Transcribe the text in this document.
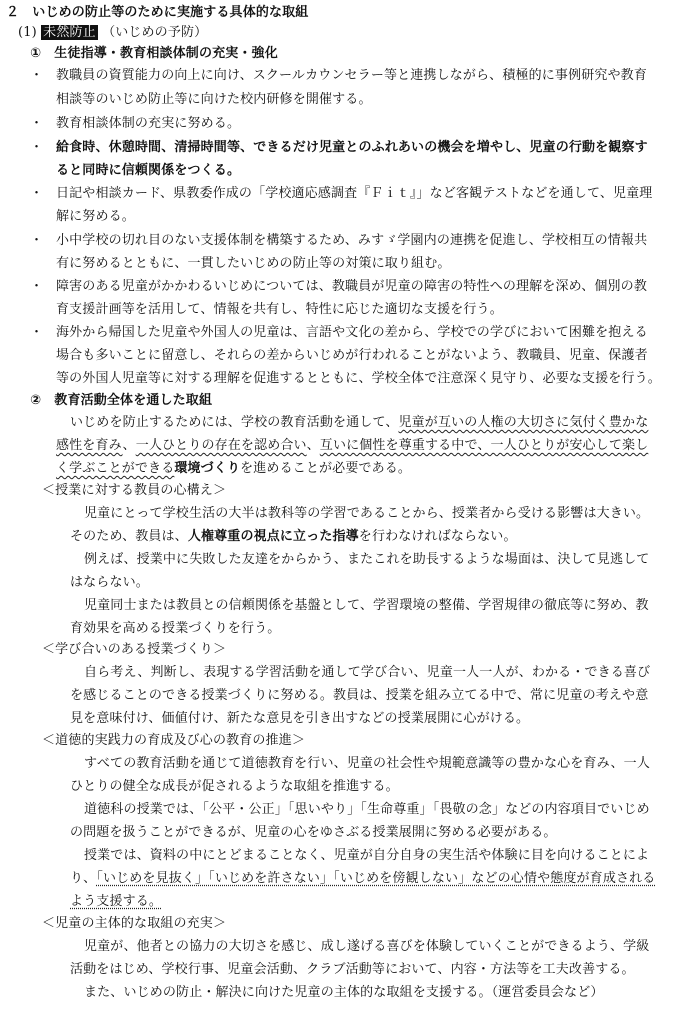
２　いじめの防止等のために実施する具体的な取組
(1) 未然防止 （いじめの予防）
①　生徒指導・教育相談体制の充実・強化
・ 教職員の資質能力の向上に向け、スクールカウンセラー等と連携しながら、積極的に事例研究や教育
相談等のいじめ防止等に向けた校内研修を開催する。
・ 教育相談体制の充実に努める。
・ 給食時、休憩時間、清掃時間等、できるだけ児童とのふれあいの機会を増やし、児童の行動を観察す
ると同時に信頼関係をつくる。
・ 日記や相談カード、県教委作成の「学校適応感調査『Ｆｉｔ』」など客観テストなどを通して、児童理
解に努める。
・ 小中学校の切れ目のない支援体制を構築するため、みすゞ学園内の連携を促進し、学校相互の情報共
有に努めるとともに、一貫したいじめの防止等の対策に取り組む。
・ 障害のある児童がかかわるいじめについては、教職員が児童の障害の特性への理解を深め、個別の教
育支援計画等を活用して、情報を共有し、特性に応じた適切な支援を行う。
・ 海外から帰国した児童や外国人の児童は、言語や文化の差から、学校での学びにおいて困難を抱える
場合も多いことに留意し、それらの差からいじめが行われることがないよう、教職員、児童、保護者
等の外国人児童等に対する理解を促進するとともに、学校全体で注意深く見守り、必要な支援を行う。
②　教育活動全体を通した取組
いじめを防止するためには、学校の教育活動を通して、児童が互いの人権の大切さに気付く豊かな
感性を育み、一人ひとりの存在を認め合い、互いに個性を尊重する中で、一人ひとりが安心して楽し
く学ぶことができる環境づくりを進めることが必要である。
＜授業に対する教員の心構え＞
児童にとって学校生活の大半は教科等の学習であることから、授業者から受ける影響は大きい。
そのため、教員は、人権尊重の視点に立った指導を行わなければならない。
例えば、授業中に失敗した友達をからかう、またこれを助長するような場面は、決して見逃して
はならない。
児童同士または教員との信頼関係を基盤として、学習環境の整備、学習規律の徹底等に努め、教
育効果を高める授業づくりを行う。
＜学び合いのある授業づくり＞
自ら考え、判断し、表現する学習活動を通して学び合い、児童一人一人が、わかる・できる喜び
を感じることのできる授業づくりに努める。教員は、授業を組み立てる中で、常に児童の考えや意
見を意味付け、価値付け、新たな意見を引き出すなどの授業展開に心がける。
＜道徳的実践力の育成及び心の教育の推進＞
すべての教育活動を通じて道徳教育を行い、児童の社会性や規範意識等の豊かな心を育み、一人
ひとりの健全な成長が促されるような取組を推進する。
道徳科の授業では、「公平・公正」「思いやり」「生命尊重」「畏敬の念」などの内容項目でいじめ
の問題を扱うことができるが、児童の心をゆさぶる授業展開に努める必要がある。
授業では、資料の中にとどまることなく、児童が自分自身の実生活や体験に目を向けることによ
り、「いじめを見抜く」「いじめを許さない」「いじめを傍観しない」などの心情や態度が育成される
よう支援する。
＜児童の主体的な取組の充実＞
児童が、他者との協力の大切さを感じ、成し遂げる喜びを体験していくことができるよう、学級
活動をはじめ、学校行事、児童会活動、クラブ活動等において、内容・方法等を工夫改善する。
また、いじめの防止・解決に向けた児童の主体的な取組を支援する。（運営委員会など）
